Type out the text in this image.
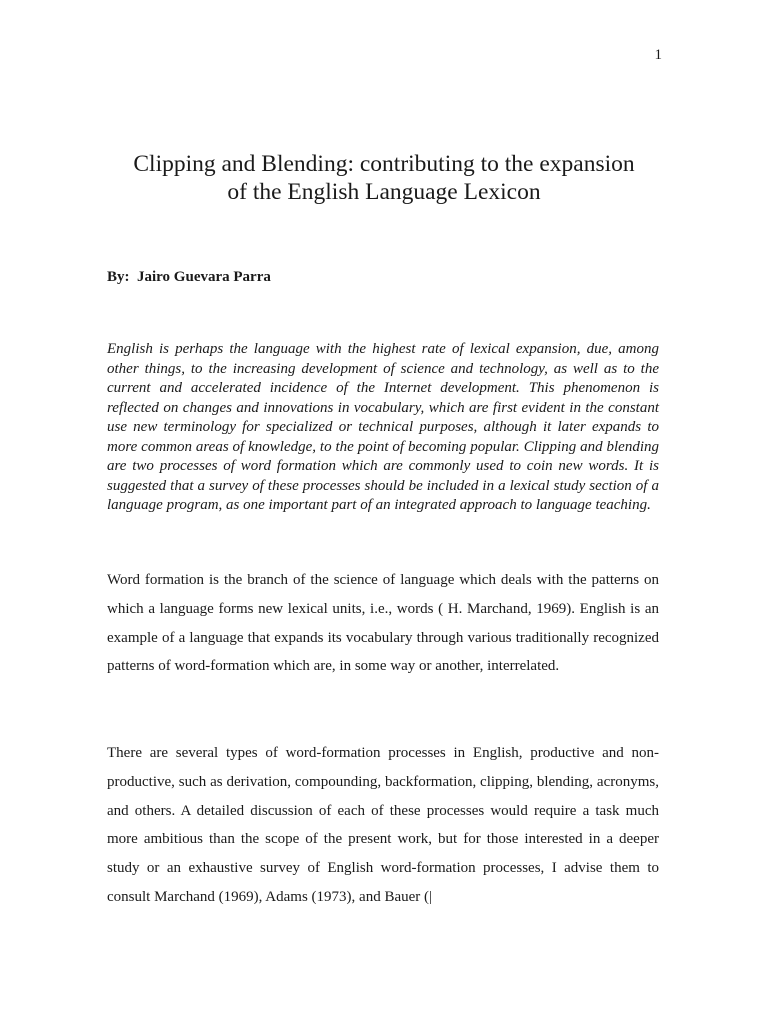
1
Clipping and Blending: contributing to the expansion
of the English Language Lexicon
By:  Jairo Guevara Parra

English is perhaps the language with the highest rate of lexical expansion, due, among other things, to the increasing development of science and technology, as well as to the current and accelerated incidence of the Internet development. This phenomenon is reflected on changes and innovations in vocabulary, which are first evident in the constant use new terminology for specialized or technical purposes, although it later expands to more common areas of knowledge, to the point of becoming popular. Clipping and blending are two processes of word formation which are commonly used to coin new words. It is suggested that a survey of these processes should be included in a lexical study section of a language program, as one important part of an integrated approach to language teaching.

Word formation is the branch of the science of language which deals with the patterns on which a language forms new lexical units, i.e., words ( H. Marchand, 1969). English is an example of a language that expands its vocabulary through various traditionally recognized patterns of word-formation which are, in some way or another, interrelated.

There are several types of word-formation processes in English, productive and non-productive, such as derivation, compounding, backformation, clipping, blending, acronyms, and others. A detailed discussion of each of these processes would require a task much more ambitious than the scope of the present work, but for those interested in a deeper study or an exhaustive survey of English word-formation processes, I advise them to consult Marchand (1969), Adams (1973), and Bauer (|
